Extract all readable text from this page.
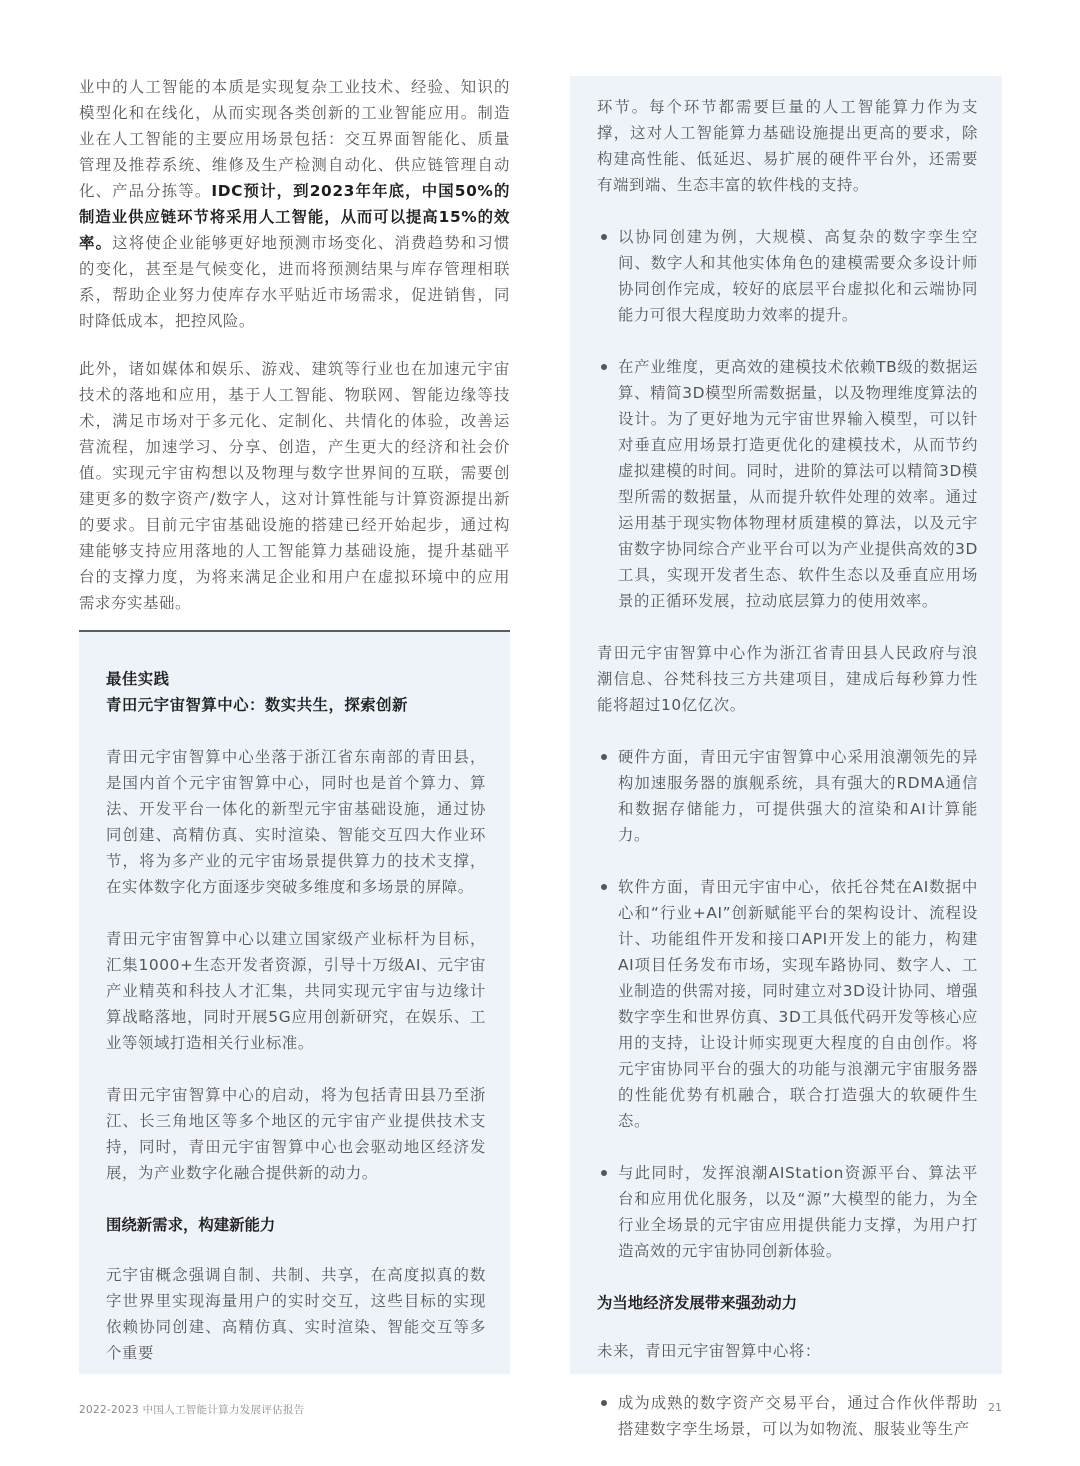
业中的人工智能的本质是实现复杂工业技术、经验、知识的模型化和在线化，从而实现各类创新的工业智能应用。制造业在人工智能的主要应用场景包括：交互界面智能化、质量管理及推荐系统、维修及生产检测自动化、供应链管理自动化、产品分拣等。IDC预计，到2023年年底，中国50%的制造业供应链环节将采用人工智能，从而可以提高15%的效率。这将使企业能够更好地预测市场变化、消费趋势和习惯的变化，甚至是气候变化，进而将预测结果与库存管理相联系，帮助企业努力使库存水平贴近市场需求，促进销售，同时降低成本，把控风险。

此外，诸如媒体和娱乐、游戏、建筑等行业也在加速元宇宙技术的落地和应用，基于人工智能、物联网、智能边缘等技术，满足市场对于多元化、定制化、共情化的体验，改善运营流程，加速学习、分享、创造，产生更大的经济和社会价值。实现元宇宙构想以及物理与数字世界间的互联，需要创建更多的数字资产/数字人，这对计算性能与计算资源提出新的要求。目前元宇宙基础设施的搭建已经开始起步，通过构建能够支持应用落地的人工智能算力基础设施，提升基础平台的支撑力度，为将来满足企业和用户在虚拟环境中的应用需求夯实基础。

最佳实践

青田元宇宙智算中心：数实共生，探索创新

青田元宇宙智算中心坐落于浙江省东南部的青田县，是国内首个元宇宙智算中心，同时也是首个算力、算法、开发平台一体化的新型元宇宙基础设施，通过协同创建、高精仿真、实时渲染、智能交互四大作业环节，将为多产业的元宇宙场景提供算力的技术支撑，在实体数字化方面逐步突破多维度和多场景的屏障。

青田元宇宙智算中心以建立国家级产业标杆为目标，汇集1000+生态开发者资源，引导十万级AI、元宇宙产业精英和科技人才汇集，共同实现元宇宙与边缘计算战略落地，同时开展5G应用创新研究，在娱乐、工业等领域打造相关行业标准。

青田元宇宙智算中心的启动，将为包括青田县乃至浙江、长三角地区等多个地区的元宇宙产业提供技术支持，同时，青田元宇宙智算中心也会驱动地区经济发展，为产业数字化融合提供新的动力。

围绕新需求，构建新能力

元宇宙概念强调自制、共制、共享，在高度拟真的数字世界里实现海量用户的实时交互，这些目标的实现依赖协同创建、高精仿真、实时渲染、智能交互等多个重要

环节。每个环节都需要巨量的人工智能算力作为支撑，这对人工智能算力基础设施提出更高的要求，除构建高性能、低延迟、易扩展的硬件平台外，还需要有端到端、生态丰富的软件栈的支持。

以协同创建为例，大规模、高复杂的数字孪生空间、数字人和其他实体角色的建模需要众多设计师协同创作完成，较好的底层平台虚拟化和云端协同能力可很大程度助力效率的提升。

在产业维度，更高效的建模技术依赖TB级的数据运算、精简3D模型所需数据量，以及物理维度算法的设计。为了更好地为元宇宙世界输入模型，可以针对垂直应用场景打造更优化的建模技术，从而节约虚拟建模的时间。同时，进阶的算法可以精简3D模型所需的数据量，从而提升软件处理的效率。通过运用基于现实物体物理材质建模的算法，以及元宇宙数字协同综合产业平台可以为产业提供高效的3D工具，实现开发者生态、软件生态以及垂直应用场景的正循环发展，拉动底层算力的使用效率。

青田元宇宙智算中心作为浙江省青田县人民政府与浪潮信息、谷梵科技三方共建项目，建成后每秒算力性能将超过10亿亿次。

硬件方面，青田元宇宙智算中心采用浪潮领先的异构加速服务器的旗舰系统，具有强大的RDMA通信和数据存储能力，可提供强大的渲染和AI计算能力。

软件方面，青田元宇宙中心，依托谷梵在AI数据中心和“行业+AI”创新赋能平台的架构设计、流程设计、功能组件开发和接口API开发上的能力，构建AI项目任务发布市场，实现车路协同、数字人、工业制造的供需对接，同时建立对3D设计协同、增强数字孪生和世界仿真、3D工具低代码开发等核心应用的支持，让设计师实现更大程度的自由创作。将元宇宙协同平台的强大的功能与浪潮元宇宙服务器的性能优势有机融合，联合打造强大的软硬件生态。

与此同时，发挥浪潮AIStation资源平台、算法平台和应用优化服务，以及“源”大模型的能力，为全行业全场景的元宇宙应用提供能力支撑，为用户打造高效的元宇宙协同创新体验。

为当地经济发展带来强劲动力

未来，青田元宇宙智算中心将：

成为成熟的数字资产交易平台，通过合作伙伴帮助搭建数字孪生场景，可以为如物流、服装业等生产

2022-2023 中国人工智能计算力发展评估报告	21
